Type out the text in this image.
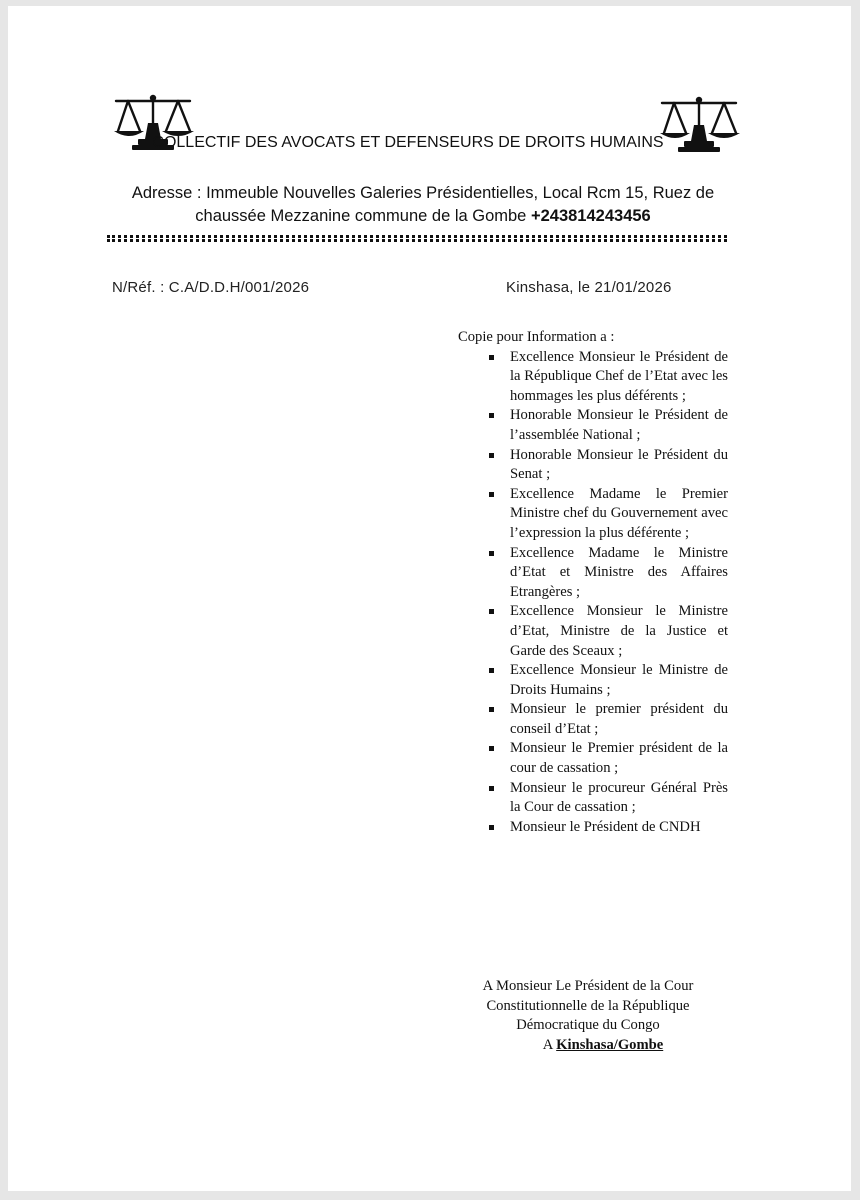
COLLECTIF DES AVOCATS ET DEFENSEURS DE DROITS HUMAINS
Adresse : Immeuble Nouvelles Galeries Présidentielles, Local Rcm 15, Ruez de chaussée Mezzanine commune de la Gombe +243814243456
N/Réf. : C.A/D.D.H/001/2026	Kinshasa, le 21/01/2026
Copie pour Information a :
Excellence Monsieur le Président de la République Chef de l’Etat avec les hommages les plus déférents ;
Honorable Monsieur le Président de l’assemblée National ;
Honorable Monsieur le Président du Senat ;
Excellence Madame le Premier Ministre chef du Gouvernement avec l’expression la plus déférente ;
Excellence Madame le Ministre d’Etat et Ministre des Affaires Etrangères ;
Excellence Monsieur le Ministre d’Etat, Ministre de la Justice et Garde des Sceaux ;
Excellence Monsieur le Ministre de Droits Humains ;
Monsieur le premier président du conseil d’Etat ;
Monsieur le Premier président de la cour de cassation ;
Monsieur le procureur Général Près la Cour de cassation ;
Monsieur le Président de CNDH
A Monsieur Le Président de la Cour
Constitutionnelle de la République
Démocratique du Congo
A Kinshasa/Gombe
